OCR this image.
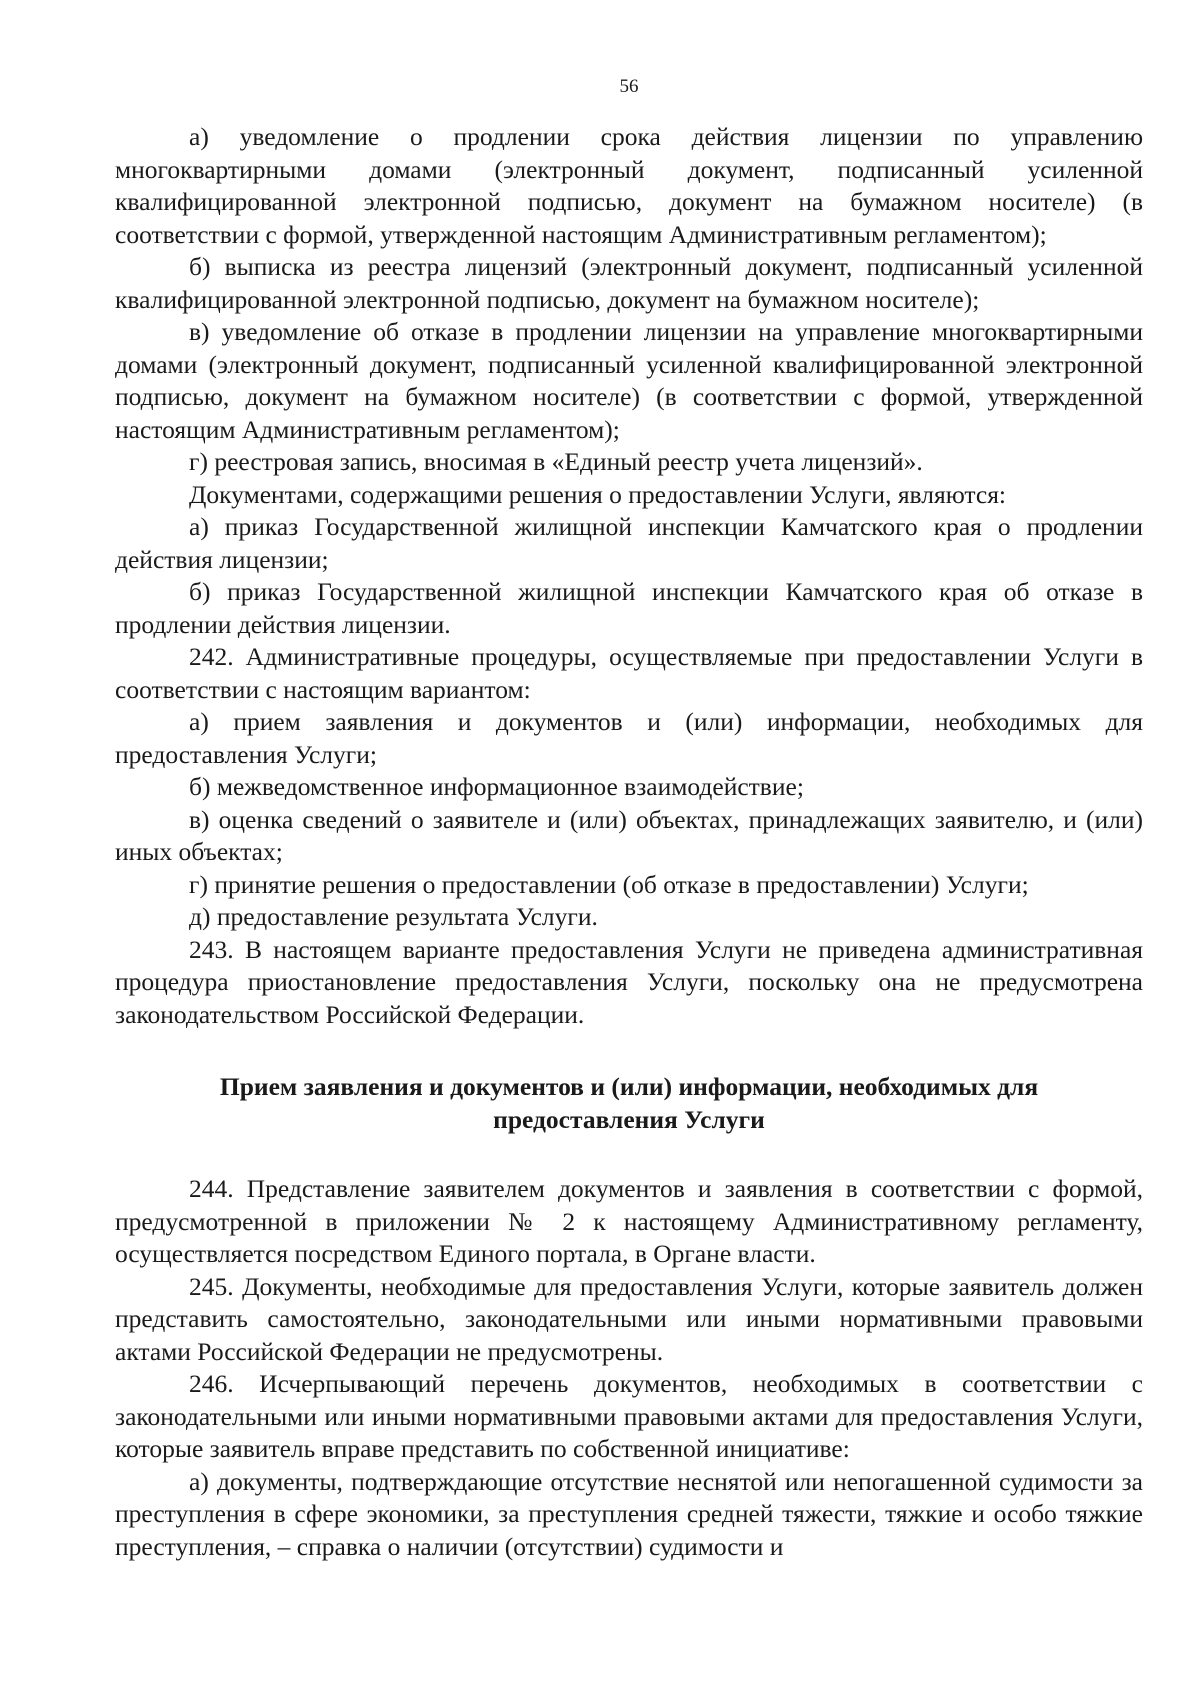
56

а) уведомление о продлении срока действия лицензии по управлению многоквартирными домами (электронный документ, подписанный усиленной квалифицированной электронной подписью, документ на бумажном носителе) (в соответствии с формой, утвержденной настоящим Административным регламентом);

б) выписка из реестра лицензий (электронный документ, подписанный усиленной квалифицированной электронной подписью, документ на бумажном носителе);

в) уведомление об отказе в продлении лицензии на управление многоквартирными домами (электронный документ, подписанный усиленной квалифицированной электронной подписью, документ на бумажном носителе) (в соответствии с формой, утвержденной настоящим Административным регламентом);

г) реестровая запись, вносимая в «Единый реестр учета лицензий».

Документами, содержащими решения о предоставлении Услуги, являются:

а) приказ Государственной жилищной инспекции Камчатского края о продлении действия лицензии;

б) приказ Государственной жилищной инспекции Камчатского края об отказе в продлении действия лицензии.

242. Административные процедуры, осуществляемые при предоставлении Услуги в соответствии с настоящим вариантом:

а) прием заявления и документов и (или) информации, необходимых для предоставления Услуги;

б) межведомственное информационное взаимодействие;

в) оценка сведений о заявителе и (или) объектах, принадлежащих заявителю, и (или) иных объектах;

г) принятие решения о предоставлении (об отказе в предоставлении) Услуги;

д) предоставление результата Услуги.

243. В настоящем варианте предоставления Услуги не приведена административная процедура приостановление предоставления Услуги, поскольку она не предусмотрена законодательством Российской Федерации.

Прием заявления и документов и (или) информации, необходимых для предоставления Услуги

244. Представление заявителем документов и заявления в соответствии с формой, предусмотренной в приложении № 2 к настоящему Административному регламенту, осуществляется посредством Единого портала, в Органе власти.

245. Документы, необходимые для предоставления Услуги, которые заявитель должен представить самостоятельно, законодательными или иными нормативными правовыми актами Российской Федерации не предусмотрены.

246. Исчерпывающий перечень документов, необходимых в соответствии с законодательными или иными нормативными правовыми актами для предоставления Услуги, которые заявитель вправе представить по собственной инициативе:

а) документы, подтверждающие отсутствие неснятой или непогашенной судимости за преступления в сфере экономики, за преступления средней тяжести, тяжкие и особо тяжкие преступления, – справка о наличии (отсутствии) судимости и
